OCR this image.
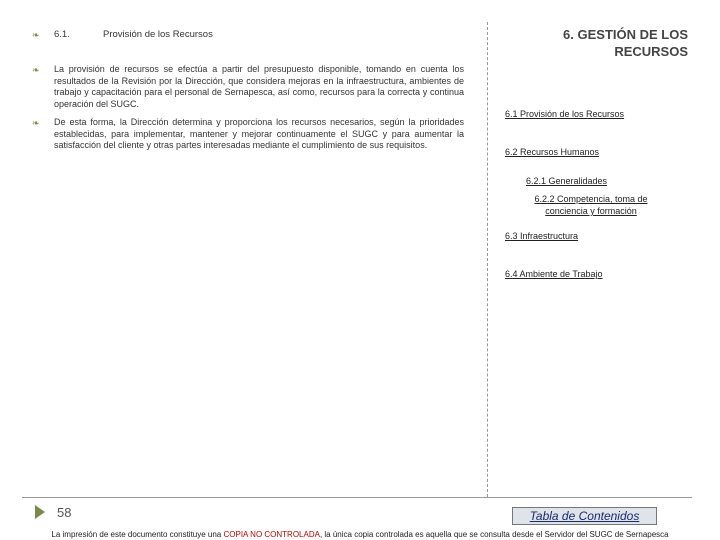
❧ 6.1.	Provisión de los Recursos
❧ La provisión de recursos se efectúa a partir del presupuesto disponible, tomando en cuenta los resultados de la Revisión por la Dirección, que considera mejoras en la infraestructura, ambientes de trabajo y capacitación para el personal de Sernapesca, así como, recursos para la correcta y continua operación del SUGC.
❧ De esta forma, la Dirección determina y proporciona los recursos necesarios, según la prioridades establecidas, para implementar, mantener y mejorar continuamente el SUGC y para aumentar la satisfacción del cliente y otras partes interesadas mediante el cumplimiento de sus requisitos.
6. GESTIÓN DE LOS RECURSOS
6.1 Provisión de los Recursos
6.2 Recursos Humanos
6.2.1 Generalidades
6.2.2 Competencia, toma de conciencia y formación
6.3 Infraestructura
6.4 Ambiente de Trabajo
58	Tabla de Contenidos
La impresión de este documento constituye una COPIA NO CONTROLADA, la única copia controlada es aquella que se consulta desde el Servidor del SUGC de Sernapesca
